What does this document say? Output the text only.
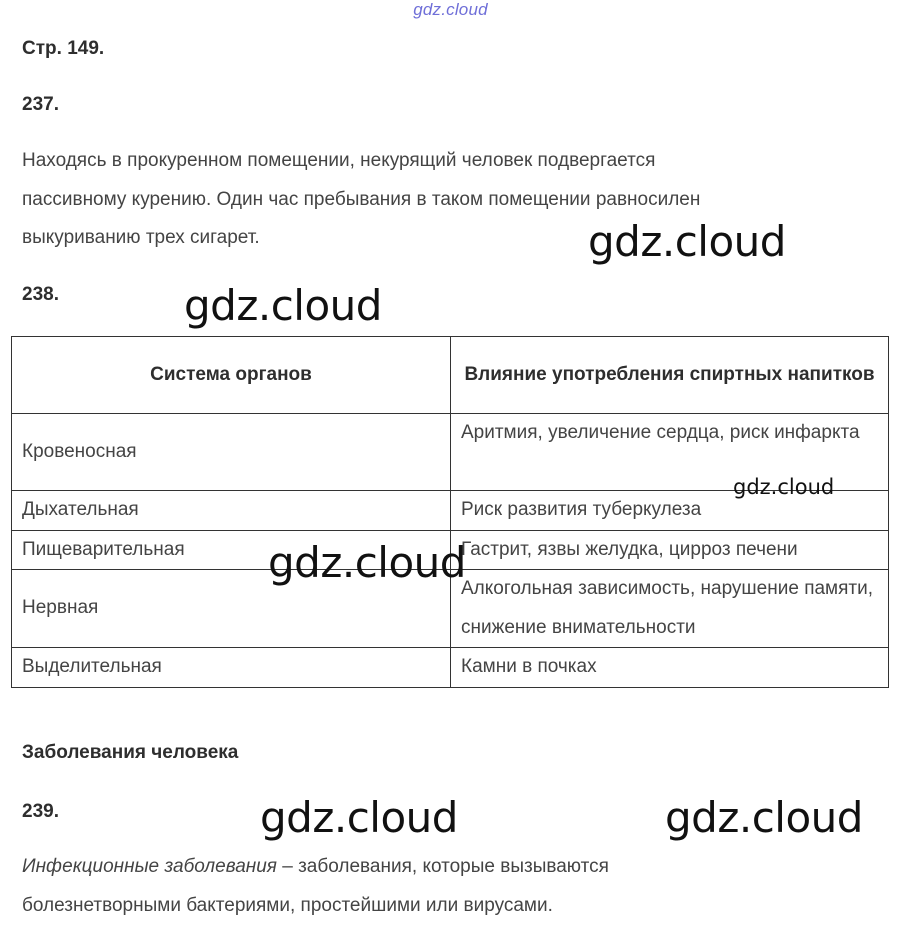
gdz.cloud
Стр. 149.
237.
Находясь в прокуренном помещении, некурящий человек подвергается
пассивному курению. Один час пребывания в таком помещении равносилен
выкуриванию трех сигарет.
238.
Система органов	Влияние употребления спиртных напитков
Кровеносная	Аритмия, увеличение сердца, риск инфаркта
Дыхательная	Риск развития туберкулеза
Пищеварительная	Гастрит, язвы желудка, цирроз печени
Нервная	Алкогольная зависимость, нарушение памяти, снижение внимательности
Выделительная	Камни в почках
Заболевания человека
239.
Инфекционные заболевания – заболевания, которые вызываются
болезнетворными бактериями, простейшими или вирусами.
gdz.cloud
gdz.cloud
gdz.cloud
gdz.cloud
gdz.cloud	gdz.cloud
